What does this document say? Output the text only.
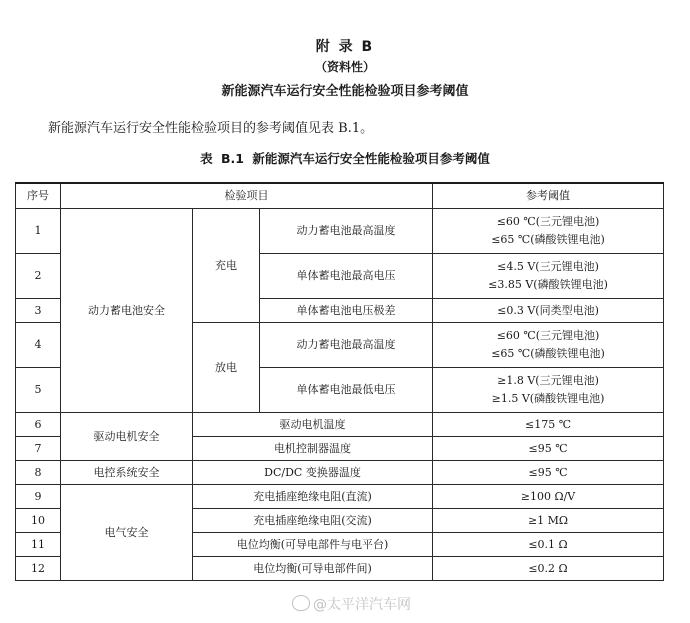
附 录 B
（资料性）
新能源汽车运行安全性能检验项目参考阈值
新能源汽车运行安全性能检验项目的参考阈值见表 B.1。
表 B.1 新能源汽车运行安全性能检验项目参考阈值
序号	检验项目			参考阈值
1	动力蓄电池安全	充电	动力蓄电池最高温度	≤60 ℃(三元锂电池)
≤65 ℃(磷酸铁锂电池)

2			单体蓄电池最高电压	≤4.5 V(三元锂电池)
≤3.85 V(磷酸铁锂电池)

3			单体蓄电池电压极差	≤0.3 V(同类型电池)
4		放电	动力蓄电池最高温度	≤60 ℃(三元锂电池)
≤65 ℃(磷酸铁锂电池)

5			单体蓄电池最低电压	≥1.8 V(三元锂电池)
≥1.5 V(磷酸铁锂电池)

6	驱动电机安全	驱动电机温度		≤175 ℃
7		电机控制器温度		≤95 ℃
8	电控系统安全	DC/DC 变换器温度		≤95 ℃
9	电气安全	充电插座绝缘电阻(直流)		≥100 Ω/V
10		充电插座绝缘电阻(交流)		≥1 MΩ
11		电位均衡(可导电部件与电平台)		≤0.1 Ω
12		电位均衡(可导电部件间)		≤0.2 Ω
@太平洋汽车网
